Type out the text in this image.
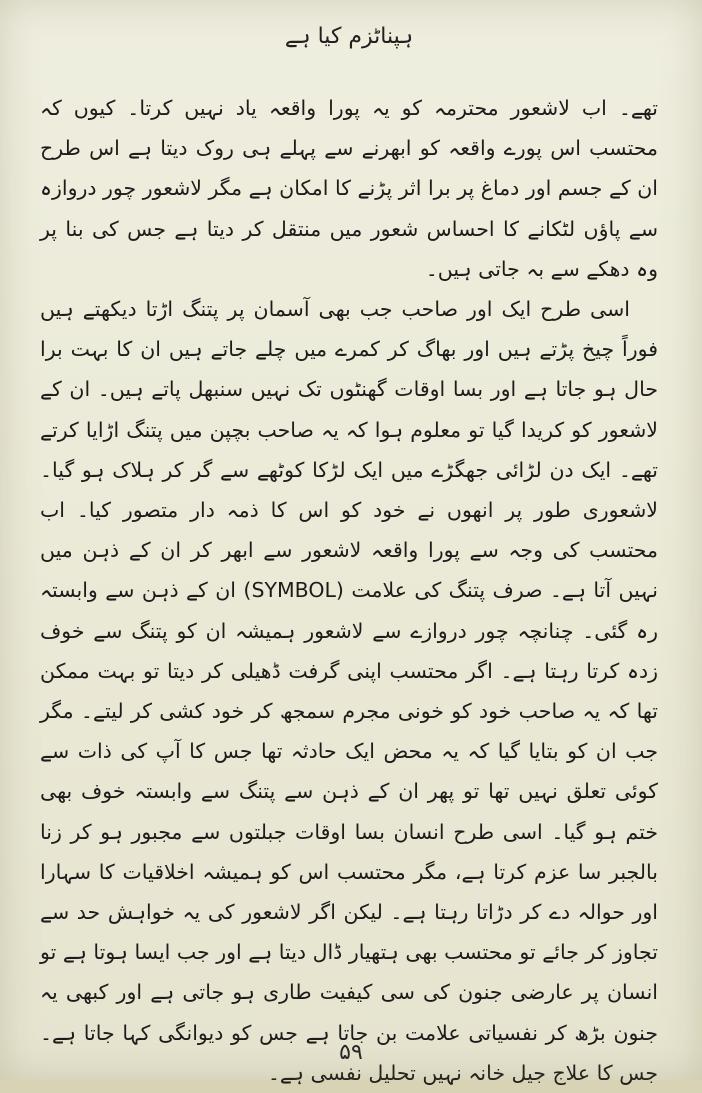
ہپناٹزم کیا ہے

تھے۔ اب لاشعور محترمہ کو یہ پورا واقعہ یاد نہیں کرتا۔ کیوں کہ محتسب اس پورے واقعہ کو ابھرنے سے پہلے ہی روک دیتا ہے اس طرح ان کے جسم اور دماغ پر برا اثر پڑنے کا امکان ہے مگر لاشعور چور دروازہ سے پاؤں لٹکانے کا احساس شعور میں منتقل کر دیتا ہے جس کی بنا پر وہ دھکے سے بہ جاتی ہیں۔

اسی طرح ایک اور صاحب جب بھی آسمان پر پتنگ اڑتا دیکھتے ہیں فوراً چیخ پڑتے ہیں اور بھاگ کر کمرے میں چلے جاتے ہیں ان کا بہت برا حال ہو جاتا ہے اور بسا اوقات گھنٹوں تک نہیں سنبھل پاتے ہیں۔ ان کے لاشعور کو کریدا گیا تو معلوم ہوا کہ یہ صاحب بچپن میں پتنگ اڑایا کرتے تھے۔ ایک دن لڑائی جھگڑے میں ایک لڑکا کوٹھے سے گر کر ہلاک ہو گیا۔ لاشعوری طور پر انھوں نے خود کو اس کا ذمہ دار متصور کیا۔ اب محتسب کی وجہ سے پورا واقعہ لاشعور سے ابھر کر ان کے ذہن میں نہیں آتا ہے۔ صرف پتنگ کی علامت (SYMBOL) ان کے ذہن سے وابستہ رہ گئی۔ چنانچہ چور دروازے سے لاشعور ہمیشہ ان کو پتنگ سے خوف زدہ کرتا رہتا ہے۔ اگر محتسب اپنی گرفت ڈھیلی کر دیتا تو بہت ممکن تھا کہ یہ صاحب خود کو خونی مجرم سمجھ کر خود کشی کر لیتے۔ مگر جب ان کو بتایا گیا کہ یہ محض ایک حادثہ تھا جس کا آپ کی ذات سے کوئی تعلق نہیں تھا تو پھر ان کے ذہن سے پتنگ سے وابستہ خوف بھی ختم ہو گیا۔ اسی طرح انسان بسا اوقات جبلتوں سے مجبور ہو کر زنا بالجبر سا عزم کرتا ہے، مگر محتسب اس کو ہمیشہ اخلاقیات کا سہارا اور حوالہ دے کر دڑاتا رہتا ہے۔ لیکن اگر لاشعور کی یہ خواہش حد سے تجاوز کر جائے تو محتسب بھی ہتھیار ڈال دیتا ہے اور جب ایسا ہوتا ہے تو انسان پر عارضی جنون کی سی کیفیت طاری ہو جاتی ہے اور کبھی یہ جنون بڑھ کر نفسیاتی علامت بن جاتا ہے جس کو دیوانگی کہا جاتا ہے۔ جس کا علاج جیل خانہ نہیں تحلیل نفسی ہے۔

۵۹
